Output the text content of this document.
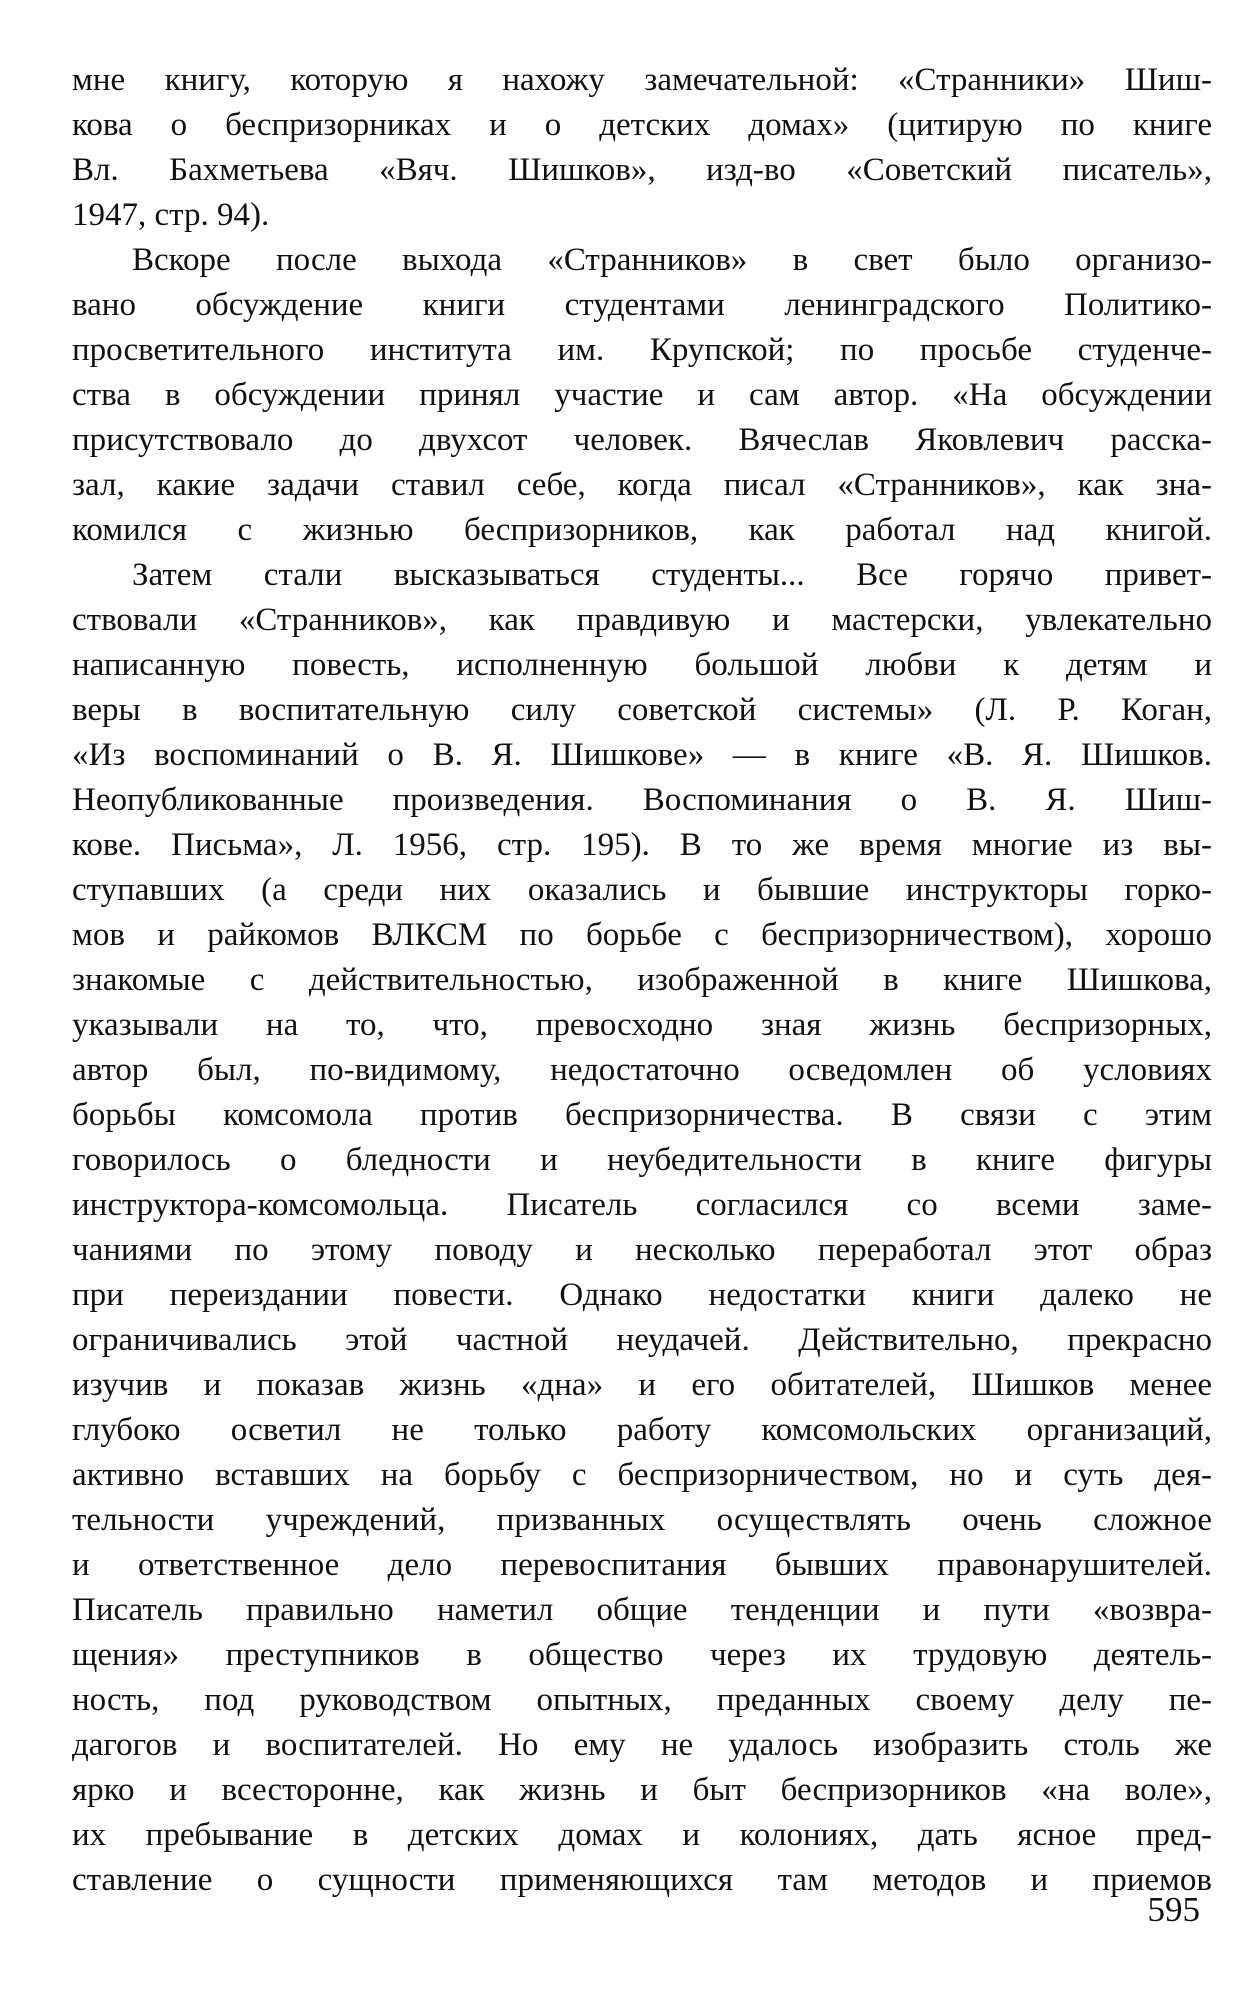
мне книгу, которую я нахожу замечательной: «Странники» Шиш-
кова о беспризорниках и о детских домах» (цитирую по книге
Вл. Бахметьева «Вяч. Шишков», изд-во «Советский писатель»,
1947, стр. 94).
Вскоре после выхода «Странников» в свет было организо-
вано обсуждение книги студентами ленинградского Политико-
просветительного института им. Крупской; по просьбе студенче-
ства в обсуждении принял участие и сам автор. «На обсуждении
присутствовало до двухсот человек. Вячеслав Яковлевич расска-
зал, какие задачи ставил себе, когда писал «Странников», как зна-
комился с жизнью беспризорников, как работал над книгой.
Затем стали высказываться студенты... Все горячо привет-
ствовали «Странников», как правдивую и мастерски, увлекательно
написанную повесть, исполненную большой любви к детям и
веры в воспитательную силу советской системы» (Л. Р. Коган,
«Из воспоминаний о В. Я. Шишкове» — в книге «В. Я. Шишков.
Неопубликованные произведения. Воспоминания о В. Я. Шиш-
кове. Письма», Л. 1956, стр. 195). В то же время многие из вы-
ступавших (а среди них оказались и бывшие инструкторы горко-
мов и райкомов ВЛКСМ по борьбе с беспризорничеством), хорошо
знакомые с действительностью, изображенной в книге Шишкова,
указывали на то, что, превосходно зная жизнь беспризорных,
автор был, по-видимому, недостаточно осведомлен об условиях
борьбы комсомола против беспризорничества. В связи с этим
говорилось о бледности и неубедительности в книге фигуры
инструктора-комсомольца. Писатель согласился со всеми заме-
чаниями по этому поводу и несколько переработал этот образ
при переиздании повести. Однако недостатки книги далеко не
ограничивались этой частной неудачей. Действительно, прекрасно
изучив и показав жизнь «дна» и его обитателей, Шишков менее
глубоко осветил не только работу комсомольских организаций,
активно вставших на борьбу с беспризорничеством, но и суть дея-
тельности учреждений, призванных осуществлять очень сложное
и ответственное дело перевоспитания бывших правонарушителей.
Писатель правильно наметил общие тенденции и пути «возвра-
щения» преступников в общество через их трудовую деятель-
ность, под руководством опытных, преданных своему делу пе-
дагогов и воспитателей. Но ему не удалось изобразить столь же
ярко и всесторонне, как жизнь и быт беспризорников «на воле»,
их пребывание в детских домах и колониях, дать ясное пред-
ставление о сущности применяющихся там методов и приемов
595
